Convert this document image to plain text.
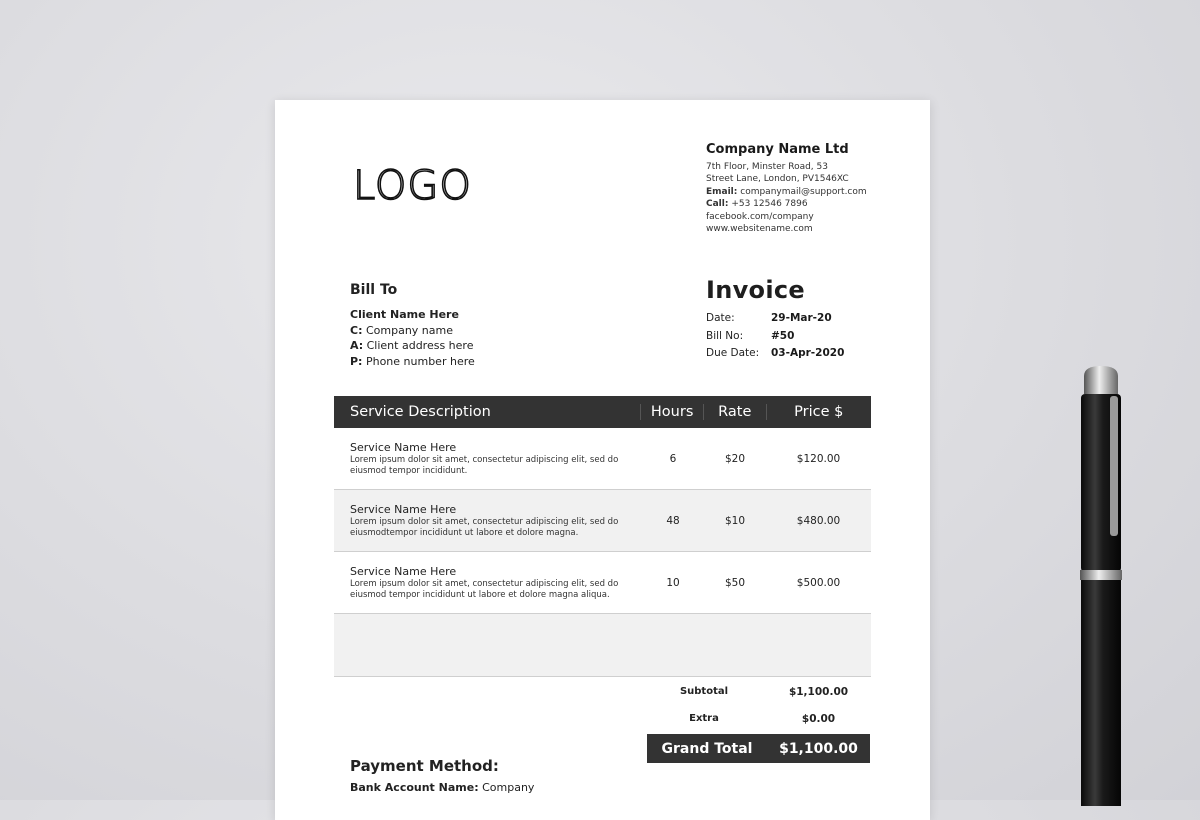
LOGO
Company Name Ltd
7th Floor, Minster Road, 53
Street Lane, London, PV1546XC
Email: companymail@support.com
Call: +53 12546 7896
facebook.com/company
www.websitename.com
Bill To
Client Name Here
C: Company name
A: Client address here
P: Phone number here
Invoice
Date:	29-Mar-20
Bill No:	#50
Due Date:	03-Apr-2020
Service Description	Hours	Rate	Price $
Service Name Here
Lorem ipsum dolor sit amet, consectetur adipiscing elit, sed do
eiusmod tempor incididunt.
6	$20	$120.00
Service Name Here
Lorem ipsum dolor sit amet, consectetur adipiscing elit, sed do
eiusmodtempor incididunt ut labore et dolore magna.
48	$10	$480.00
Service Name Here
Lorem ipsum dolor sit amet, consectetur adipiscing elit, sed do
eiusmod tempor incididunt ut labore et dolore magna aliqua.
10	$50	$500.00
Subtotal	$1,100.00
Extra	$0.00
Grand Total	$1,100.00
Payment Method:
Bank Account Name: Company
